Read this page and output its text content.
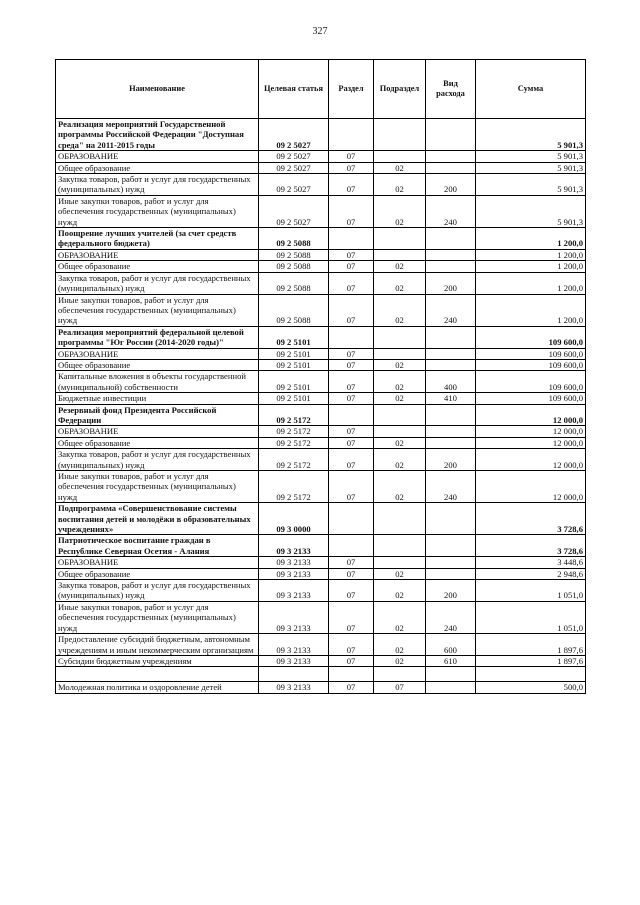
327
Наименование	Целевая статья	Раздел	Подраздел	Вид расхода	Сумма
Реализация мероприятий Государственной программы Российской Федерации "Доступная среда" на 2011-2015 годы	09 2 5027				5 901,3
ОБРАЗОВАНИЕ	09 2 5027	07			5 901,3
Общее образование	09 2 5027	07	02		5 901,3
Закупка товаров, работ и услуг для государственных (муниципальных) нужд	09 2 5027	07	02	200	5 901,3
Иные закупки товаров, работ и услуг для обеспечения государственных (муниципальных) нужд	09 2 5027	07	02	240	5 901,3
Поощрение лучших учителей (за счет средств федерального бюджета)	09 2 5088				1 200,0
ОБРАЗОВАНИЕ	09 2 5088	07			1 200,0
Общее образование	09 2 5088	07	02		1 200,0
Закупка товаров, работ и услуг для государственных (муниципальных) нужд	09 2 5088	07	02	200	1 200,0
Иные закупки товаров, работ и услуг для обеспечения государственных (муниципальных) нужд	09 2 5088	07	02	240	1 200,0
Реализация мероприятий федеральной целевой программы "Юг России (2014-2020 годы)"	09 2 5101				109 600,0
ОБРАЗОВАНИЕ	09 2 5101	07			109 600,0
Общее образование	09 2 5101	07	02		109 600,0
Капитальные вложения в объекты государственной (муниципальной) собственности	09 2 5101	07	02	400	109 600,0
Бюджетные инвестиции	09 2 5101	07	02	410	109 600,0
Резервный фонд Президента Российской Федерации	09 2 5172				12 000,0
ОБРАЗОВАНИЕ	09 2 5172	07			12 000,0
Общее образование	09 2 5172	07	02		12 000,0
Закупка товаров, работ и услуг для государственных (муниципальных) нужд	09 2 5172	07	02	200	12 000,0
Иные закупки товаров, работ и услуг для обеспечения государственных (муниципальных) нужд	09 2 5172	07	02	240	12 000,0
Подпрограмма «Совершенствование системы воспитания детей и молодёжи в образовательных учреждениях»	09 3 0000				3 728,6
Патриотическое воспитание граждан в Республике Северная Осетия - Алания	09 3 2133				3 728,6
ОБРАЗОВАНИЕ	09 3 2133	07			3 448,6
Общее образование	09 3 2133	07	02		2 948,6
Закупка товаров, работ и услуг для государственных (муниципальных) нужд	09 3 2133	07	02	200	1 051,0
Иные закупки товаров, работ и услуг для обеспечения государственных (муниципальных) нужд	09 3 2133	07	02	240	1 051,0
Предоставление субсидий бюджетным, автономным учреждениям и иным некоммерческим организациям	09 3 2133	07	02	600	1 897,6
Субсидии бюджетным учреждениям	09 3 2133	07	02	610	1 897,6

Молодежная политика и оздоровление детей	09 3 2133	07	07		500,0
